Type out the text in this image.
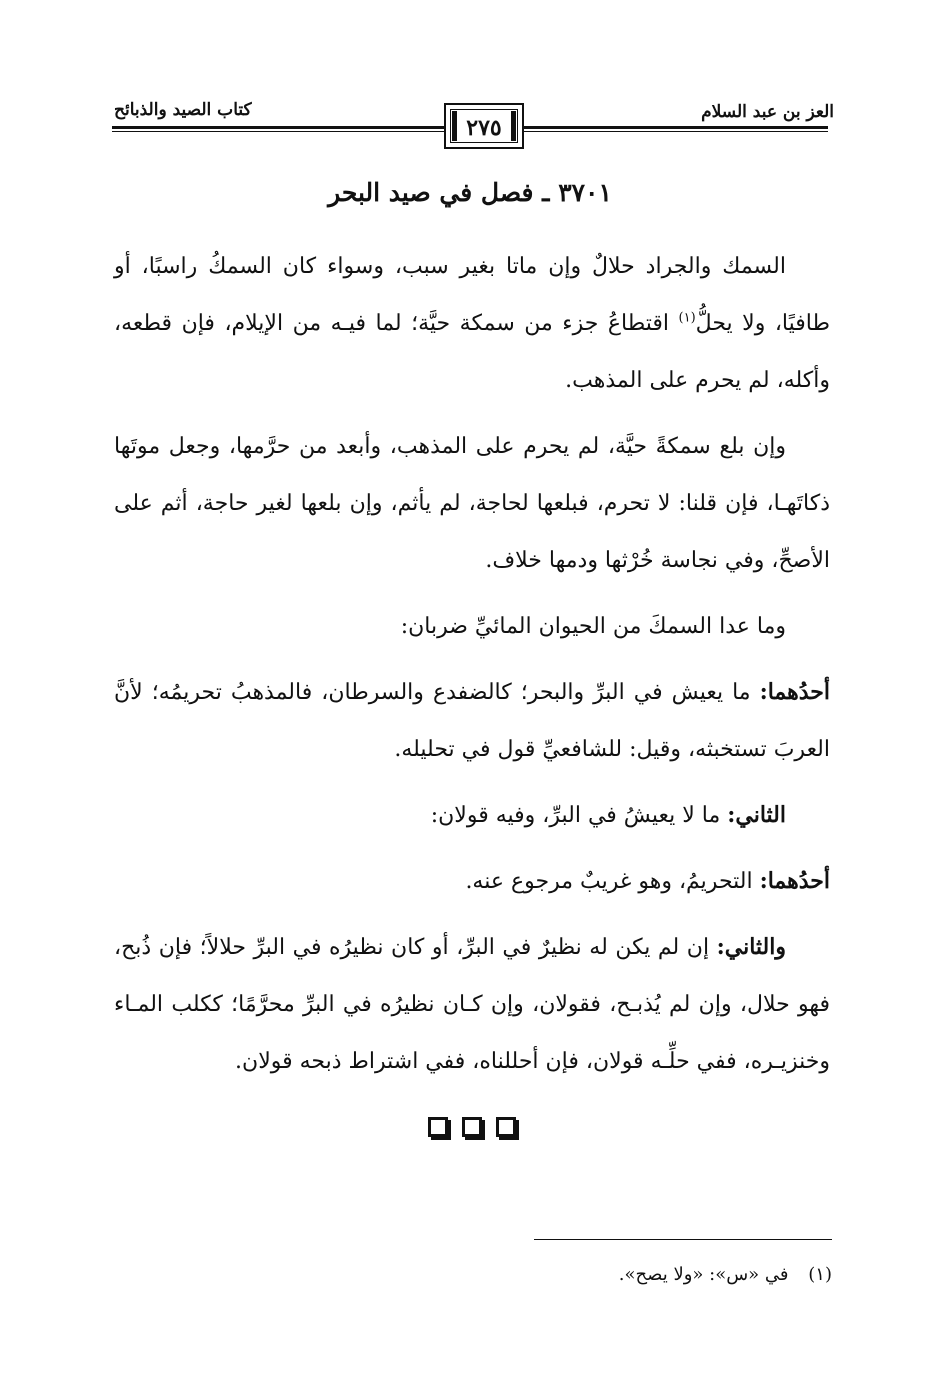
العز بن عبد السلام
كتاب الصيد والذبائح
٢٧٥
٣٧٠١ ـ فصل في صيد البحر

السمك والجراد حلالٌ وإن ماتا بغير سبب، وسواء كان السمكُ راسبًا، أو طافيًا، ولا يحلُّ$^{(١)}$ اقتطاعُ جزء من سمكة حيَّة؛ لما فيـه من الإيلام، فإن قطعه، وأكله، لم يحرم على المذهب.

وإن بلع سمكةً حيَّة، لم يحرم على المذهب، وأبعد من حرَّمها، وجعل موتَها ذكاتَهـا، فإن قلنا: لا تحرم، فبلعها لحاجة، لم يأثم، وإن بلعها لغير حاجة، أثم على الأصحِّ، وفي نجاسة خُرْثها ودمها خلاف.

وما عدا السمكَ من الحيوان المائيِّ ضربان:

أحدُهما: ما يعيش في البرِّ والبحر؛ كالضفدع والسرطان، فالمذهبُ تحريمُه؛ لأنَّ العربَ تستخبثه، وقيل: للشافعيِّ قول في تحليله.

الثاني: ما لا يعيشُ في البرِّ، وفيه قولان:

أحدُهما: التحريمُ، وهو غريبٌ مرجوع عنه.

والثاني: إن لم يكن له نظيرٌ في البرِّ، أو كان نظيرُه في البرِّ حلالاً؛ فإن ذُبح، فهو حلال، وإن لم يُذبـح، فقولان، وإن كـان نظيرُه في البرِّ محرَّمًا؛ ككلب المـاء وخنزيـره، ففي حلِّـه قولان، فإن أحللناه، ففي اشتراط ذبحه قولان.

(١) في «س»: «ولا يصح».
